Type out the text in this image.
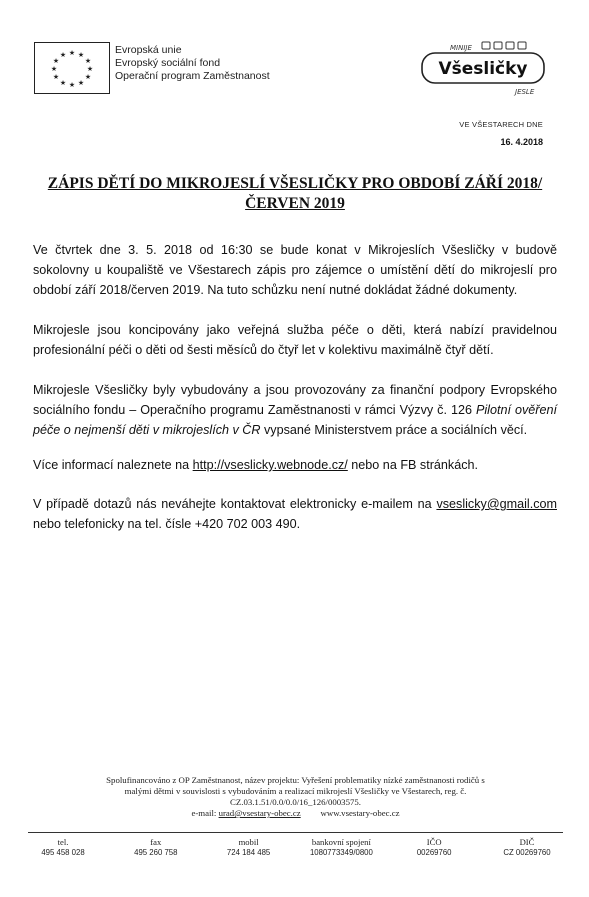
★ ★
★
★
★
★
★
★
★
★
★
★	Evropská unie
Evropský sociální fond
Operační program Zaměstnanost
MINIJE
Všesličky
JESLE
VE VŠESTARECH DNE
16. 4.2018
ZÁPIS DĚTÍ DO MIKROJESLÍ VŠESLIČKY PRO OBDOBÍ ZÁŘÍ 2018/
ČERVEN 2019
Ve čtvrtek dne 3. 5. 2018 od 16:30 se bude konat v Mikrojeslích Všesličky v budově sokolovny u koupaliště ve Všestarech zápis pro zájemce o umístění dětí do mikrojeslí pro období září 2018/červen 2019. Na tuto schůzku není nutné dokládat žádné dokumenty.
Mikrojesle jsou koncipovány jako veřejná služba péče o děti, která nabízí pravidelnou profesionální péči o děti od šesti měsíců do čtyř let v kolektivu maximálně čtyř dětí.
Mikrojesle Všesličky byly vybudovány a jsou provozovány za finanční podpory Evropského sociálního fondu – Operačního programu Zaměstnanosti v rámci Výzvy č. 126 Pilotní ověření péče o nejmenší děti v mikrojeslích v ČR vypsané Ministerstvem práce a sociálních věcí.
Více informací naleznete na http://vseslicky.webnode.cz/ nebo na FB stránkách.
V případě dotazů nás neváhejte kontaktovat elektronicky e-mailem na vseslicky@gmail.com nebo telefonicky na tel. čísle +420 702 003 490.
Spolufinancováno z OP Zaměstnanost, název projektu: Vyřešení problematiky nízké zaměstnanosti rodičů s
malými dětmi v souvislosti s vybudováním a realizací mikrojeslí Všesličky ve Všestarech, reg. č.
CZ.03.1.51/0.0/0.0/16_126/0003575.
e-mail: urad@vsestary-obec.cz www.vsestary-obec.cz
tel.
495 458 028
fax
495 260 758
mobil
724 184 485
bankovní spojení
1080773349/0800
IČO
00269760
DIČ
CZ 00269760
